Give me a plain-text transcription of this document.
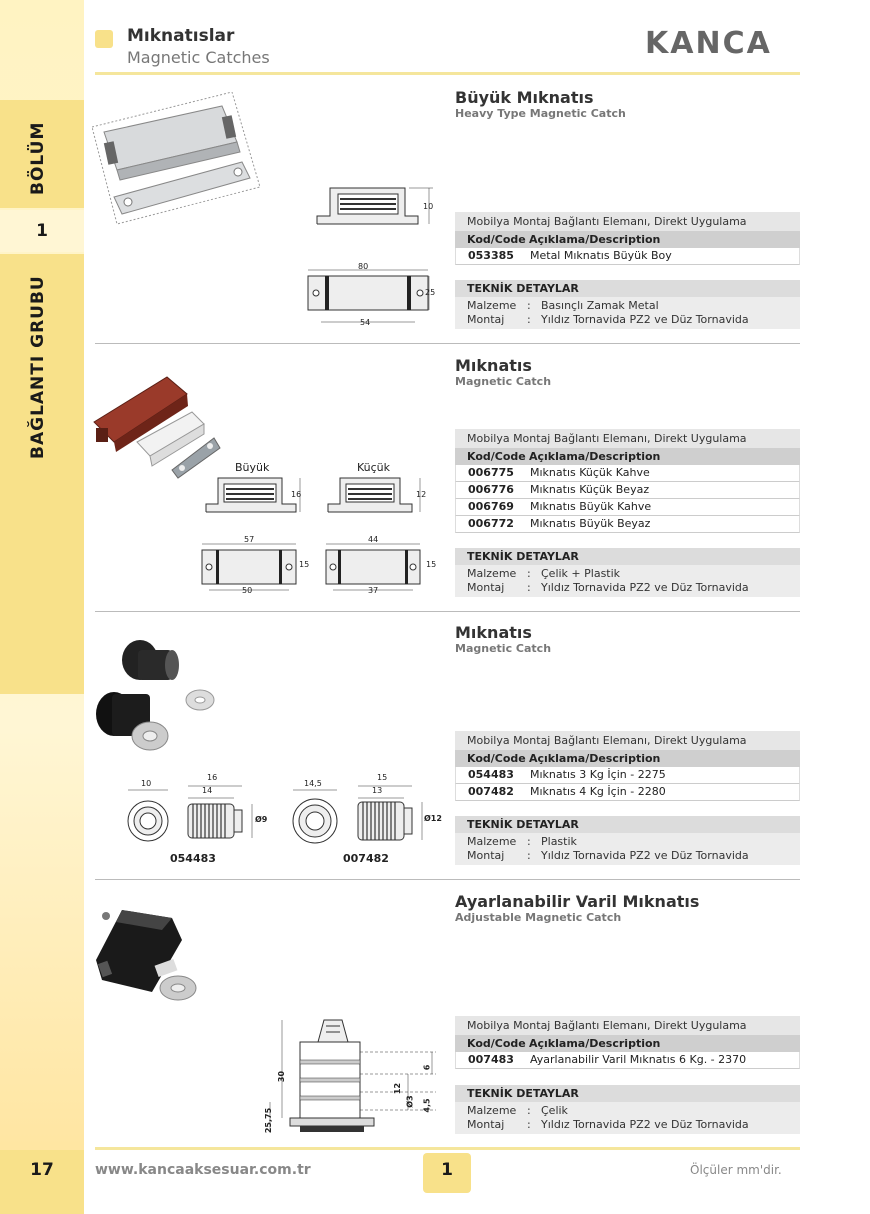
BÖLÜM
1
BAĞLANTI GRUBU
17
Mıknatıslar
Magnetic Catches	KANCA
Büyük Mıknatıs
Heavy Type Magnetic Catch
10
80
54
25
Mobilya Montaj Bağlantı Elemanı, Direkt Uygulama
Kod/Code Açıklama/Description
053385	Metal Mıknatıs Büyük Boy
TEKNİK DETAYLAR
Malzeme : Basınçlı Zamak Metal
Montaj	: Yıldız Tornavida PZ2 ve Düz Tornavida
Mıknatıs
Magnetic Catch
Büyük	Küçük
16	12
57
50
15
44
37
15
Mobilya Montaj Bağlantı Elemanı, Direkt Uygulama
Kod/Code Açıklama/Description
006775	Mıknatıs Küçük Kahve
006776	Mıknatıs Küçük Beyaz
006769	Mıknatıs Büyük Kahve
006772	Mıknatıs Büyük Beyaz
TEKNİK DETAYLAR
Malzeme : Çelik + Plastik
Montaj	: Yıldız Tornavida PZ2 ve Düz Tornavida
Mıknatıs
Magnetic Catch
10
16
14
Ø9
14,5
15
13
Ø12
054483	007482
Mobilya Montaj Bağlantı Elemanı, Direkt Uygulama
Kod/Code Açıklama/Description
054483	Mıknatıs 3 Kg İçin - 2275
007482	Mıknatıs 4 Kg İçin - 2280
TEKNİK DETAYLAR
Malzeme : Plastik
Montaj	: Yıldız Tornavida PZ2 ve Düz Tornavida
Ayarlanabilir Varil Mıknatıs
Adjustable Magnetic Catch
30
25,75
6
12
Ø3 4,5
Mobilya Montaj Bağlantı Elemanı, Direkt Uygulama
Kod/Code Açıklama/Description
007483	Ayarlanabilir Varil Mıknatıs 6 Kg. - 2370
TEKNİK DETAYLAR
Malzeme : Çelik
Montaj	: Yıldız Tornavida PZ2 ve Düz Tornavida
www.kancaaksesuar.com.tr	1	Ölçüler mm'dir.
